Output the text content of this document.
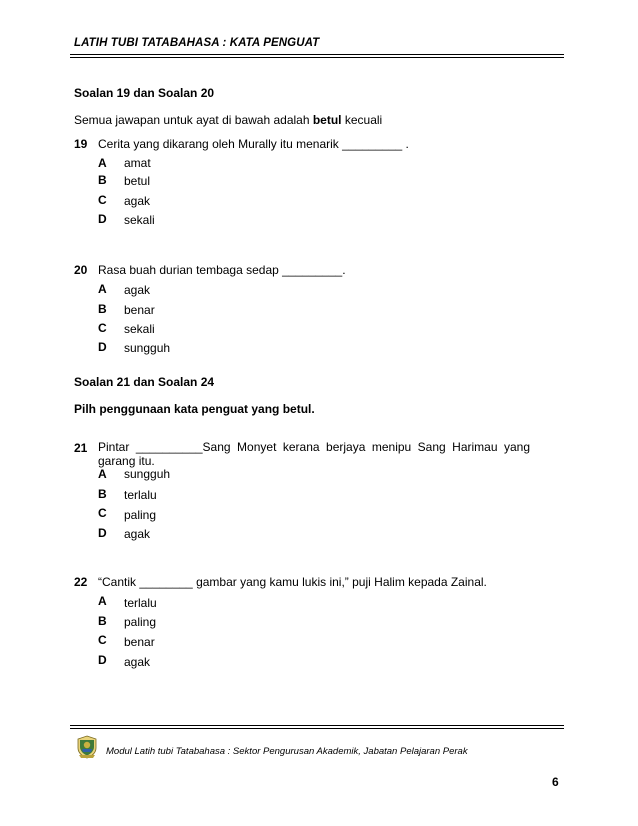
LATIH TUBI TATABAHASA : KATA PENGUAT
Soalan 19 dan Soalan 20
Semua jawapan untuk ayat di bawah adalah betul kecuali
19 Cerita yang dikarang oleh Murally itu menarik _________ .
A amat
B betul
C agak
D sekali
20 Rasa buah durian tembaga sedap _________.
A agak
B benar
C sekali
D sungguh
Soalan 21 dan Soalan 24
Pilh penggunaan kata penguat yang betul.
21 Pintar __________Sang Monyet kerana berjaya menipu Sang Harimau yang
garang itu.
A sungguh
B terlalu
C paling
D agak
22 “Cantik ________ gambar yang kamu lukis ini,” puji Halim kepada Zainal.
A terlalu
B paling
C benar
D agak
Modul Latih tubi Tatabahasa : Sektor Pengurusan Akademik, Jabatan Pelajaran Perak
6
